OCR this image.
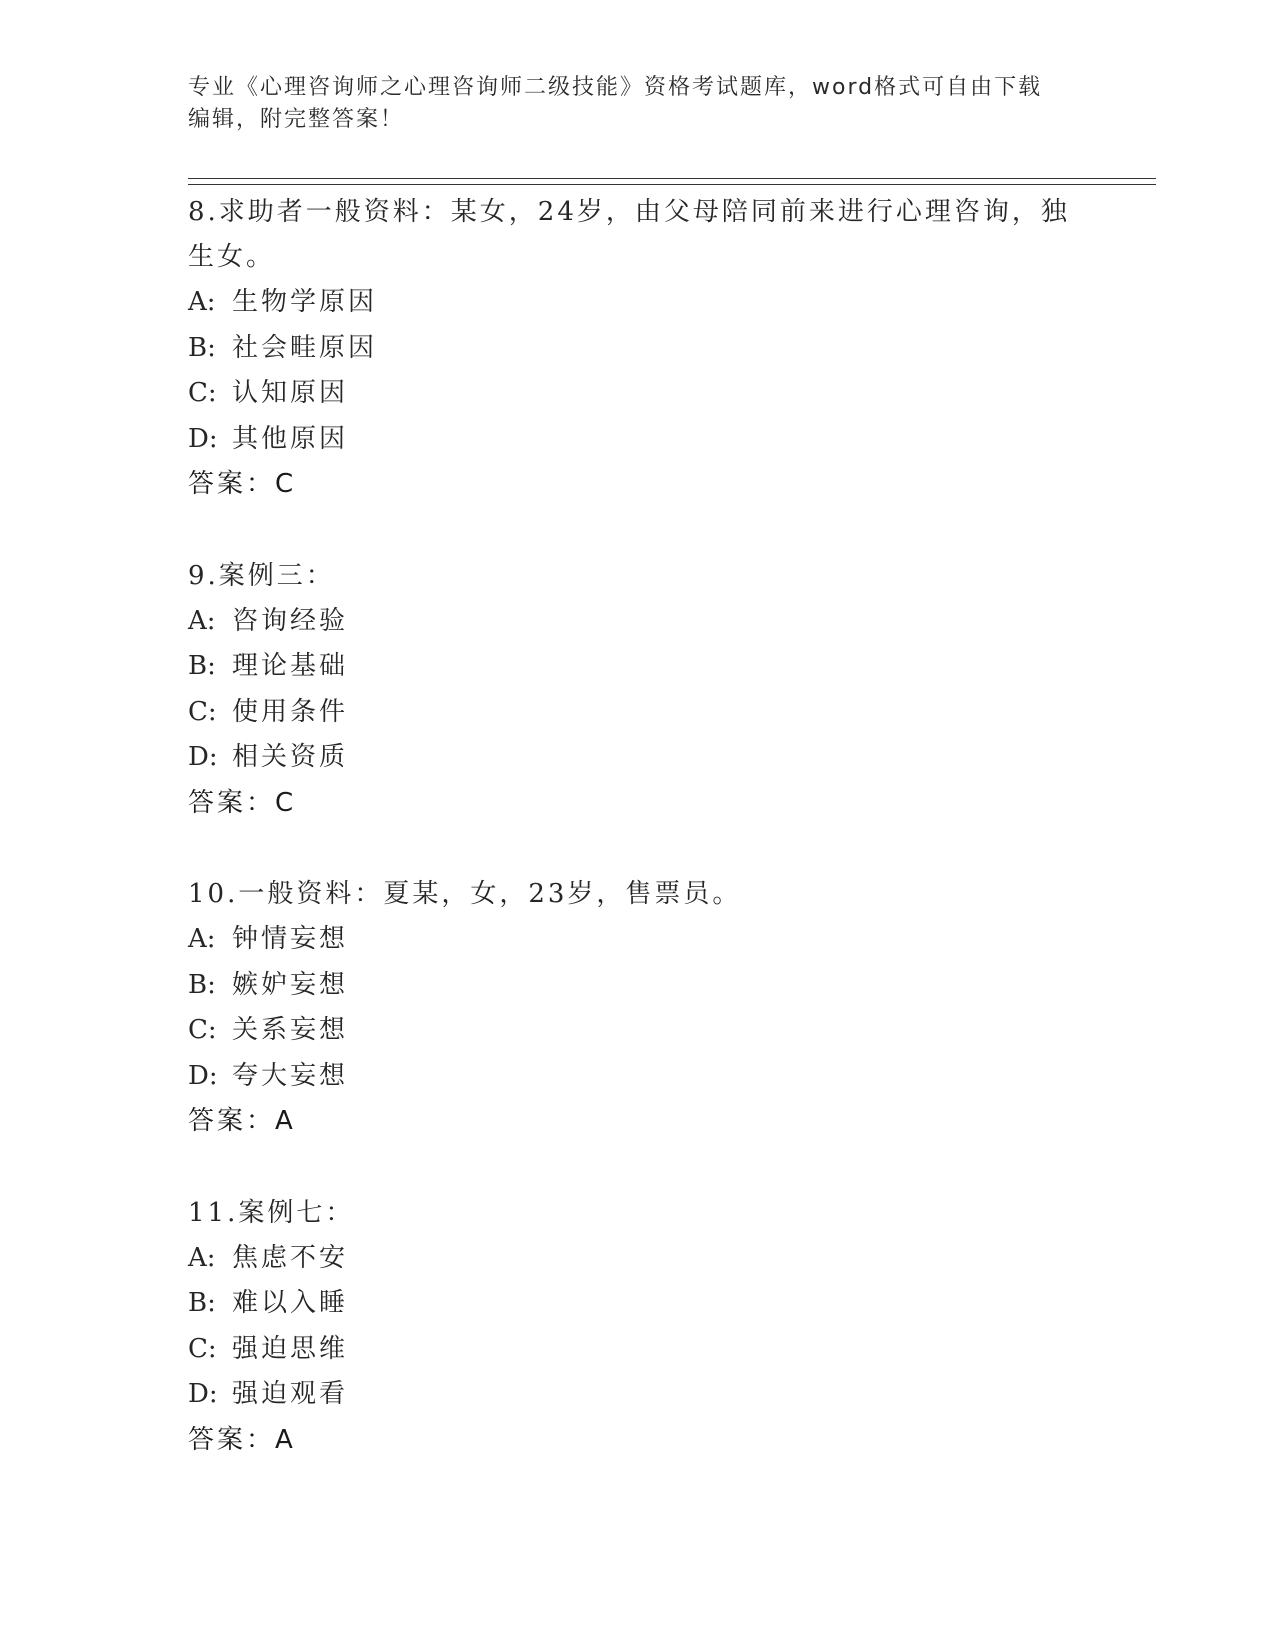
专业《心理咨询师之心理咨询师二级技能》资格考试题库，word格式可自由下载
编辑，附完整答案！
8.求助者一般资料：某女，24岁，由父母陪同前来进行心理咨询，独生女。
A: 生物学原因
B: 社会畦原因
C: 认知原因
D: 其他原因
答案：C
9.案例三：
A: 咨询经验
B: 理论基础
C: 使用条件
D: 相关资质
答案：C
10.一般资料：夏某，女，23岁，售票员。
A: 钟情妄想
B: 嫉妒妄想
C: 关系妄想
D: 夸大妄想
答案：A
11.案例七：
A: 焦虑不安
B: 难以入睡
C: 强迫思维
D: 强迫观看
答案：A
